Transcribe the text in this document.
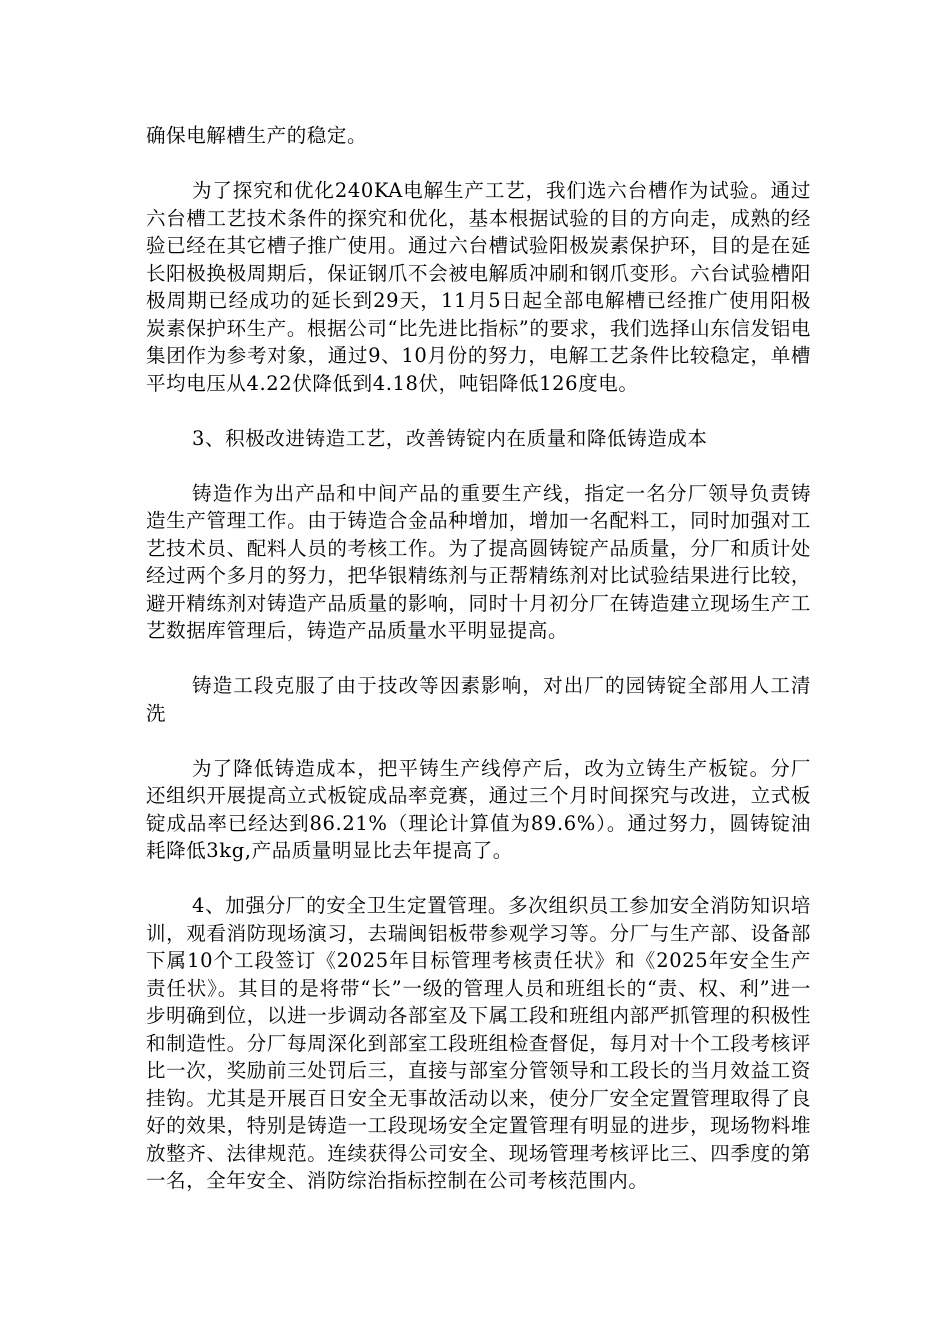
确保电解槽生产的稳定。

为了探究和优化240KA电解生产工艺，我们选六台槽作为试验。通过六台槽工艺技术条件的探究和优化，基本根据试验的目的方向走，成熟的经验已经在其它槽子推广使用。通过六台槽试验阳极炭素保护环，目的是在延长阳极换极周期后，保证钢爪不会被电解质冲刷和钢爪变形。六台试验槽阳极周期已经成功的延长到29天，11月5日起全部电解槽已经推广使用阳极炭素保护环生产。根据公司“比先进比指标”的要求，我们选择山东信发铝电集团作为参考对象，通过9、10月份的努力，电解工艺条件比较稳定，单槽平均电压从4.22伏降低到4.18伏，吨铝降低126度电。

3、积极改进铸造工艺，改善铸锭内在质量和降低铸造成本

铸造作为出产品和中间产品的重要生产线，指定一名分厂领导负责铸造生产管理工作。由于铸造合金品种增加，增加一名配料工，同时加强对工艺技术员、配料人员的考核工作。为了提高圆铸锭产品质量，分厂和质计处经过两个多月的努力，把华银精练剂与正帮精练剂对比试验结果进行比较，避开精练剂对铸造产品质量的影响，同时十月初分厂在铸造建立现场生产工艺数据库管理后，铸造产品质量水平明显提高。

铸造工段克服了由于技改等因素影响，对出厂的园铸锭全部用人工清洗

为了降低铸造成本，把平铸生产线停产后，改为立铸生产板锭。分厂还组织开展提高立式板锭成品率竞赛，通过三个月时间探究与改进，立式板锭成品率已经达到86.21%（理论计算值为89.6%）。通过努力，圆铸锭油耗降低3kg,产品质量明显比去年提高了。

4、加强分厂的安全卫生定置管理。多次组织员工参加安全消防知识培训，观看消防现场演习，去瑞闽铝板带参观学习等。分厂与生产部、设备部下属10个工段签订《2025年目标管理考核责任状》和《2025年安全生产责任状》。其目的是将带“长”一级的管理人员和班组长的“责、权、利”进一步明确到位，以进一步调动各部室及下属工段和班组内部严抓管理的积极性和制造性。分厂每周深化到部室工段班组检查督促，每月对十个工段考核评比一次，奖励前三处罚后三，直接与部室分管领导和工段长的当月效益工资挂钩。尤其是开展百日安全无事故活动以来，使分厂安全定置管理取得了良好的效果，特别是铸造一工段现场安全定置管理有明显的进步，现场物料堆放整齐、法律规范。连续获得公司安全、现场管理考核评比三、四季度的第一名，全年安全、消防综治指标控制在公司考核范围内。
